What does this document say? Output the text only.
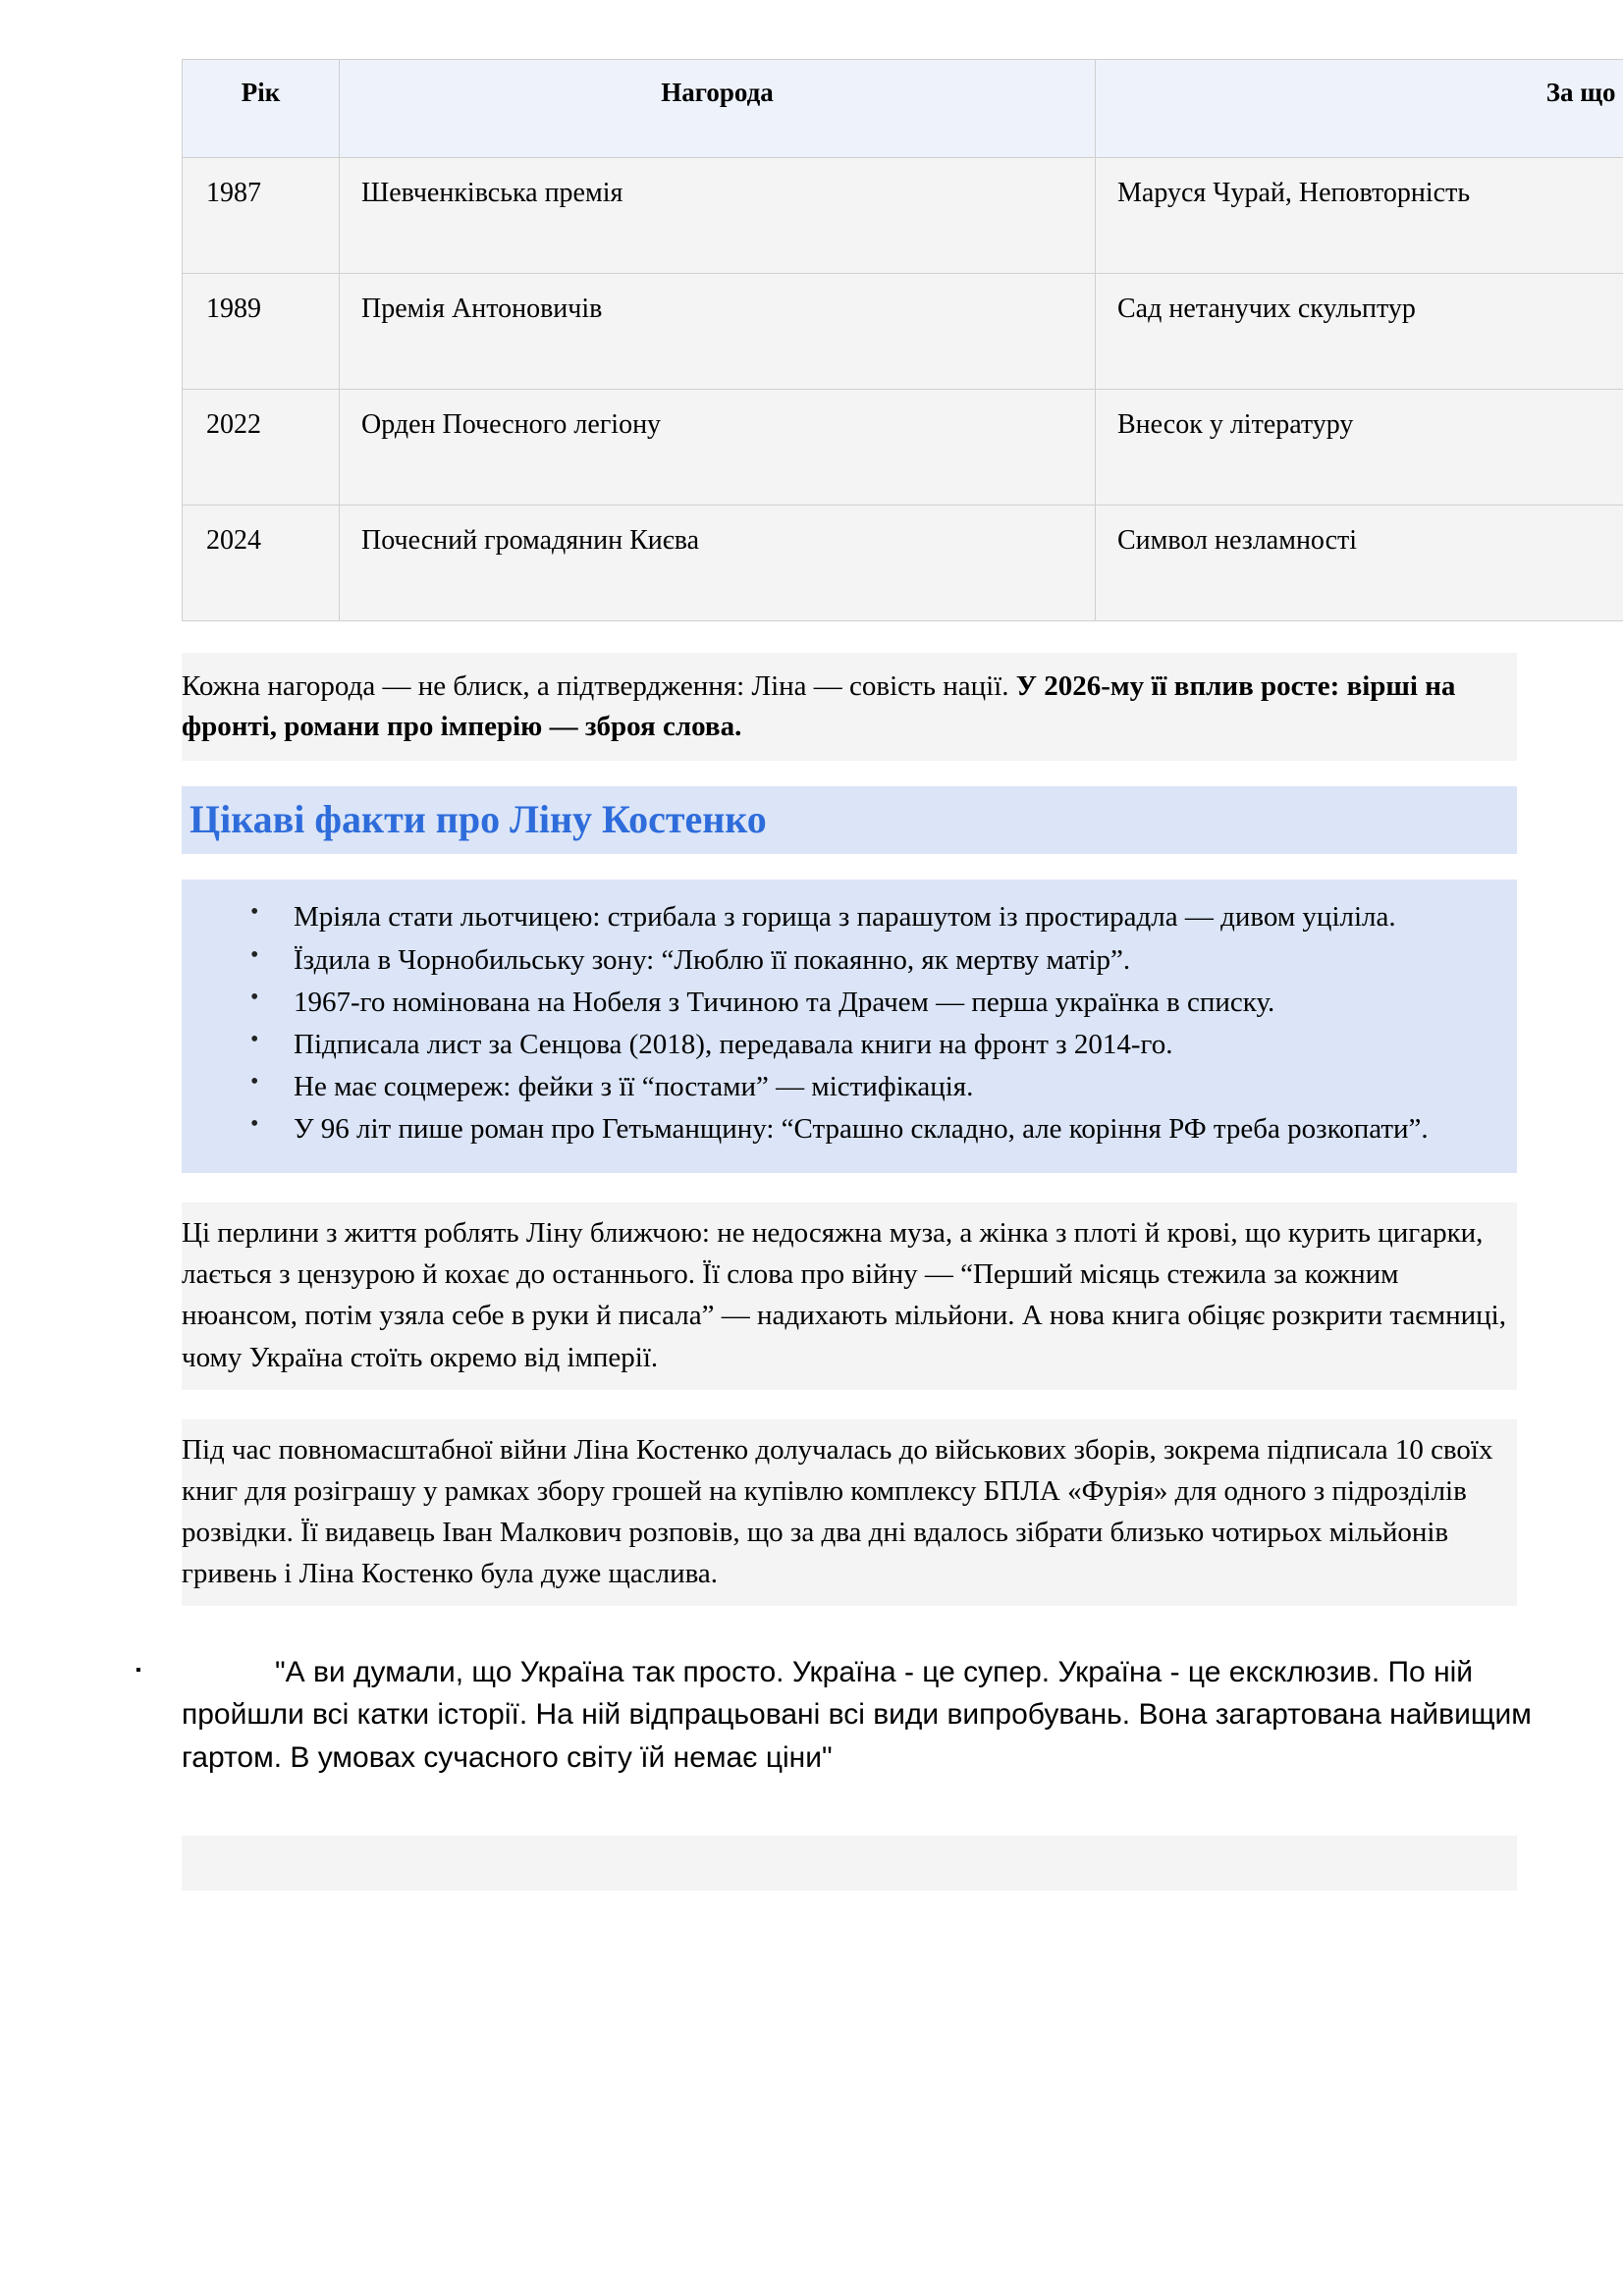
Рік	Нагорода	За що
1987	Шевченківська премія	Маруся Чурай, Неповторність
1989	Премія Антоновичів	Сад нетанучих скульптур
2022	Орден Почесного легіону	Внесок у літературу
2024	Почесний громадянин Києва	Символ незламності
Кожна нагорода — не блиск, а підтвердження: Ліна — совість нації. У 2026-му її вплив росте: вірші на фронті, романи про імперію — зброя слова.
Цікаві факти про Ліну Костенко
• Мріяла стати льотчицею: стрибала з горища з парашутом із простирадла — дивом уціліла.
• Їздила в Чорнобильську зону: “Люблю її покаянно, як мертву матір”.
• 1967-го номінована на Нобеля з Тичиною та Драчем — перша українка в списку.
• Підписала лист за Сенцова (2018), передавала книги на фронт з 2014-го.
• Не має соцмереж: фейки з її “постами” — містифікація.
• У 96 літ пише роман про Гетьманщину: “Страшно складно, але коріння РФ треба розкопати”.
Ці перлини з життя роблять Ліну ближчою: не недосяжна муза, а жінка з плоті й крові, що курить цигарки, лається з цензурою й кохає до останнього. Її слова про війну — “Перший місяць стежила за кожним нюансом, потім узяла себе в руки й писала” — надихають мільйони. А нова книга обіцяє розкрити таємниці, чому Україна стоїть окремо від імперії.
Під час повномасштабної війни Ліна Костенко долучалась до військових зборів, зокрема підписала 10 своїх книг для розіграшу у рамках збору грошей на купівлю комплексу БПЛА «Фурія» для одного з підрозділів розвідки. Її видавець Іван Малкович розповів, що за два дні вдалось зібрати близько чотирьох мільйонів гривень і Ліна Костенко була дуже щаслива.
▪ "А ви думали, що Україна так просто. Україна - це супер. Україна - це ексклюзив. По ній пройшли всі катки історії. На ній відпрацьовані всі види випробувань. Вона загартована найвищим гартом. В умовах сучасного світу їй немає ціни"
